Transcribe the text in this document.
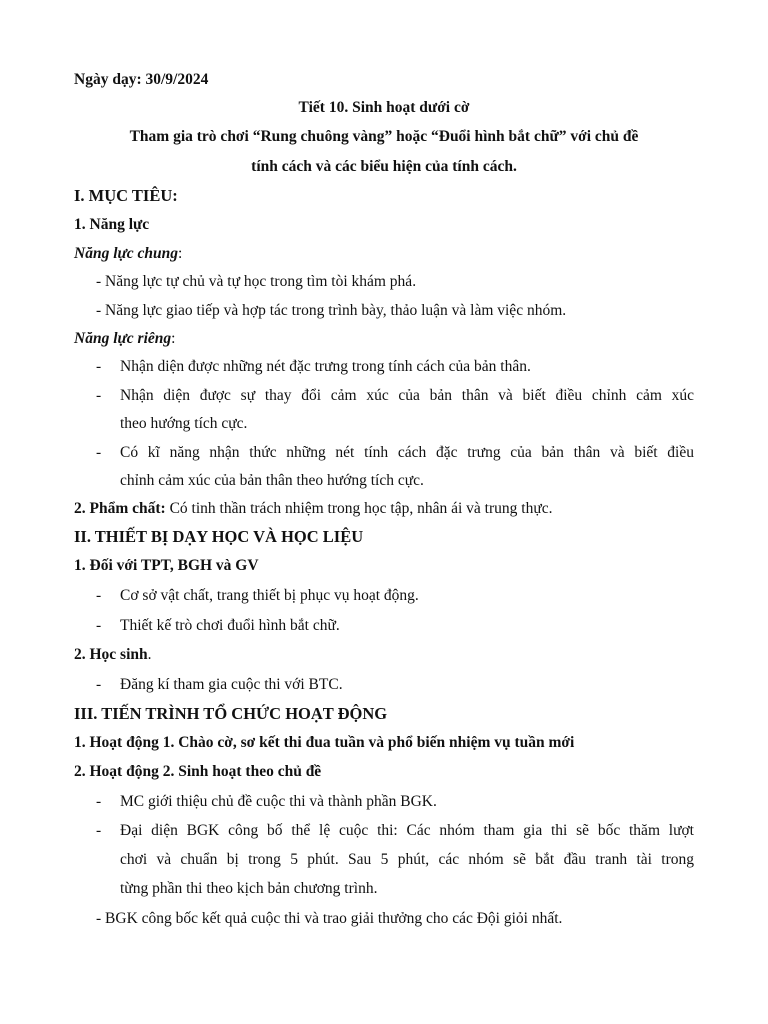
Ngày dạy: 30/9/2024
Tiết 10. Sinh hoạt dưới cờ
Tham gia trò chơi “Rung chuông vàng” hoặc “Đuổi hình bắt chữ” với chủ đề
tính cách và các biểu hiện của tính cách.
I. MỤC TIÊU:
1. Năng lực
Năng lực chung:
- Năng lực tự chủ và tự học trong tìm tòi khám phá.
- Năng lực giao tiếp và hợp tác trong trình bày, thảo luận và làm việc nhóm.
Năng lực riêng:
- Nhận diện được những nét đặc trưng trong tính cách của bản thân.
- Nhận diện được sự thay đổi cảm xúc của bản thân và biết điều chỉnh cảm xúc
theo hướng tích cực.
- Có kĩ năng nhận thức những nét tính cách đặc trưng của bản thân và biết điều
chỉnh cảm xúc của bản thân theo hướng tích cực.
2. Phẩm chất: Có tinh thần trách nhiệm trong học tập, nhân ái và trung thực.
II. THIẾT BỊ DẠY HỌC VÀ HỌC LIỆU
1. Đối với TPT, BGH và GV
- Cơ sở vật chất, trang thiết bị phục vụ hoạt động.
- Thiết kế trò chơi đuổi hình bắt chữ.
2. Học sinh.
- Đăng kí tham gia cuộc thi với BTC.
III. TIẾN TRÌNH TỔ CHỨC HOẠT ĐỘNG
1. Hoạt động 1. Chào cờ, sơ kết thi đua tuần và phổ biến nhiệm vụ tuần mới
2. Hoạt động 2. Sinh hoạt theo chủ đề
- MC giới thiệu chủ đề cuộc thi và thành phần BGK.
- Đại diện BGK công bố thể lệ cuộc thi: Các nhóm tham gia thi sẽ bốc thăm lượt
chơi và chuẩn bị trong 5 phút. Sau 5 phút, các nhóm sẽ bắt đầu tranh tài trong
từng phần thi theo kịch bản chương trình.
- BGK công bốc kết quả cuộc thi và trao giải thưởng cho các Đội giỏi nhất.
